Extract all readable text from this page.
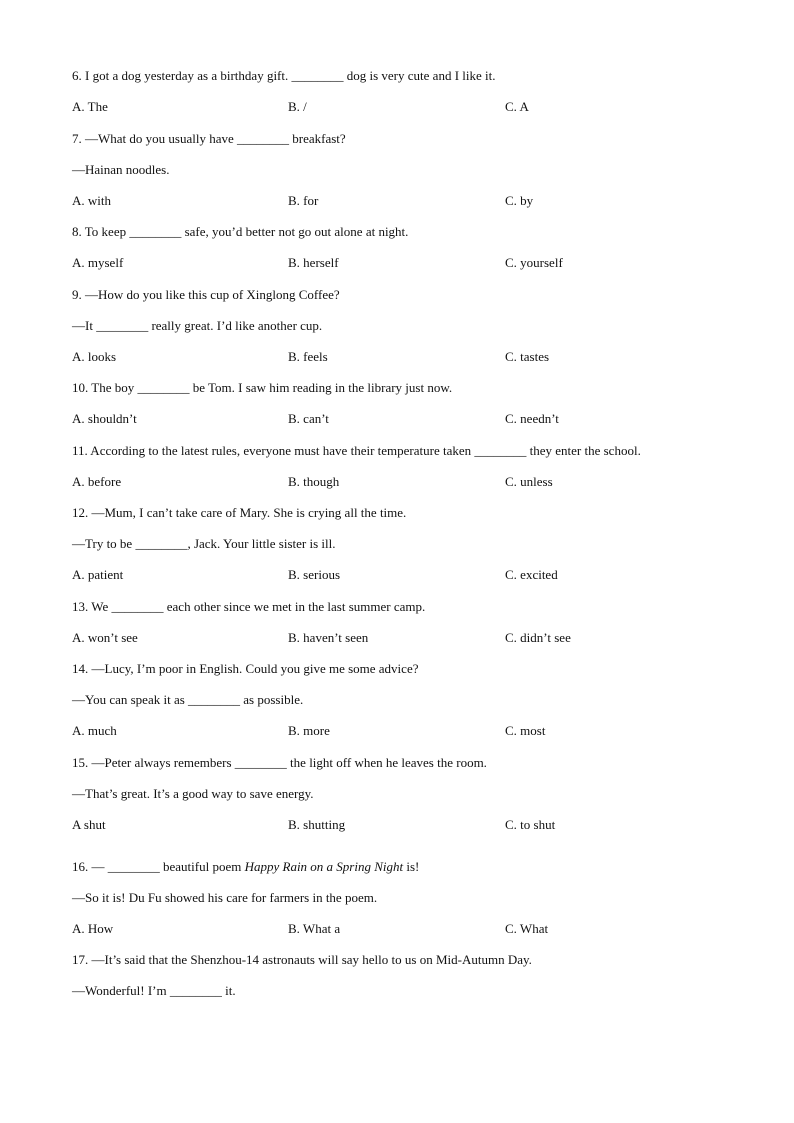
6. I got a dog yesterday as a birthday gift. ________ dog is very cute and I like it.
A. The	B. /	C. A
7. —What do you usually have ________ breakfast?
—Hainan noodles.
A. with	B. for	C. by
8. To keep ________ safe, you’d better not go out alone at night.
A. myself	B. herself	C. yourself
9. —How do you like this cup of Xinglong Coffee?
—It ________ really great. I’d like another cup.
A. looks	B. feels	C. tastes
10. The boy ________ be Tom. I saw him reading in the library just now.
A. shouldn’t	B. can’t	C. needn’t
11. According to the latest rules, everyone must have their temperature taken ________ they enter the school.
A. before	B. though	C. unless
12. —Mum, I can’t take care of Mary. She is crying all the time.
—Try to be ________, Jack. Your little sister is ill.
A. patient	B. serious	C. excited
13. We ________ each other since we met in the last summer camp.
A. won’t see	B. haven’t seen	C. didn’t see
14. —Lucy, I’m poor in English. Could you give me some advice?
—You can speak it as ________ as possible.
A. much	B. more	C. most
15. —Peter always remembers ________ the light off when he leaves the room.
—That’s great. It’s a good way to save energy.
A shut	B. shutting	C. to shut
16. — ________ beautiful poem Happy Rain on a Spring Night is!
—So it is! Du Fu showed his care for farmers in the poem.
A. How	B. What a	C. What
17. —It’s said that the Shenzhou-14 astronauts will say hello to us on Mid-Autumn Day.
—Wonderful! I’m ________ it.
